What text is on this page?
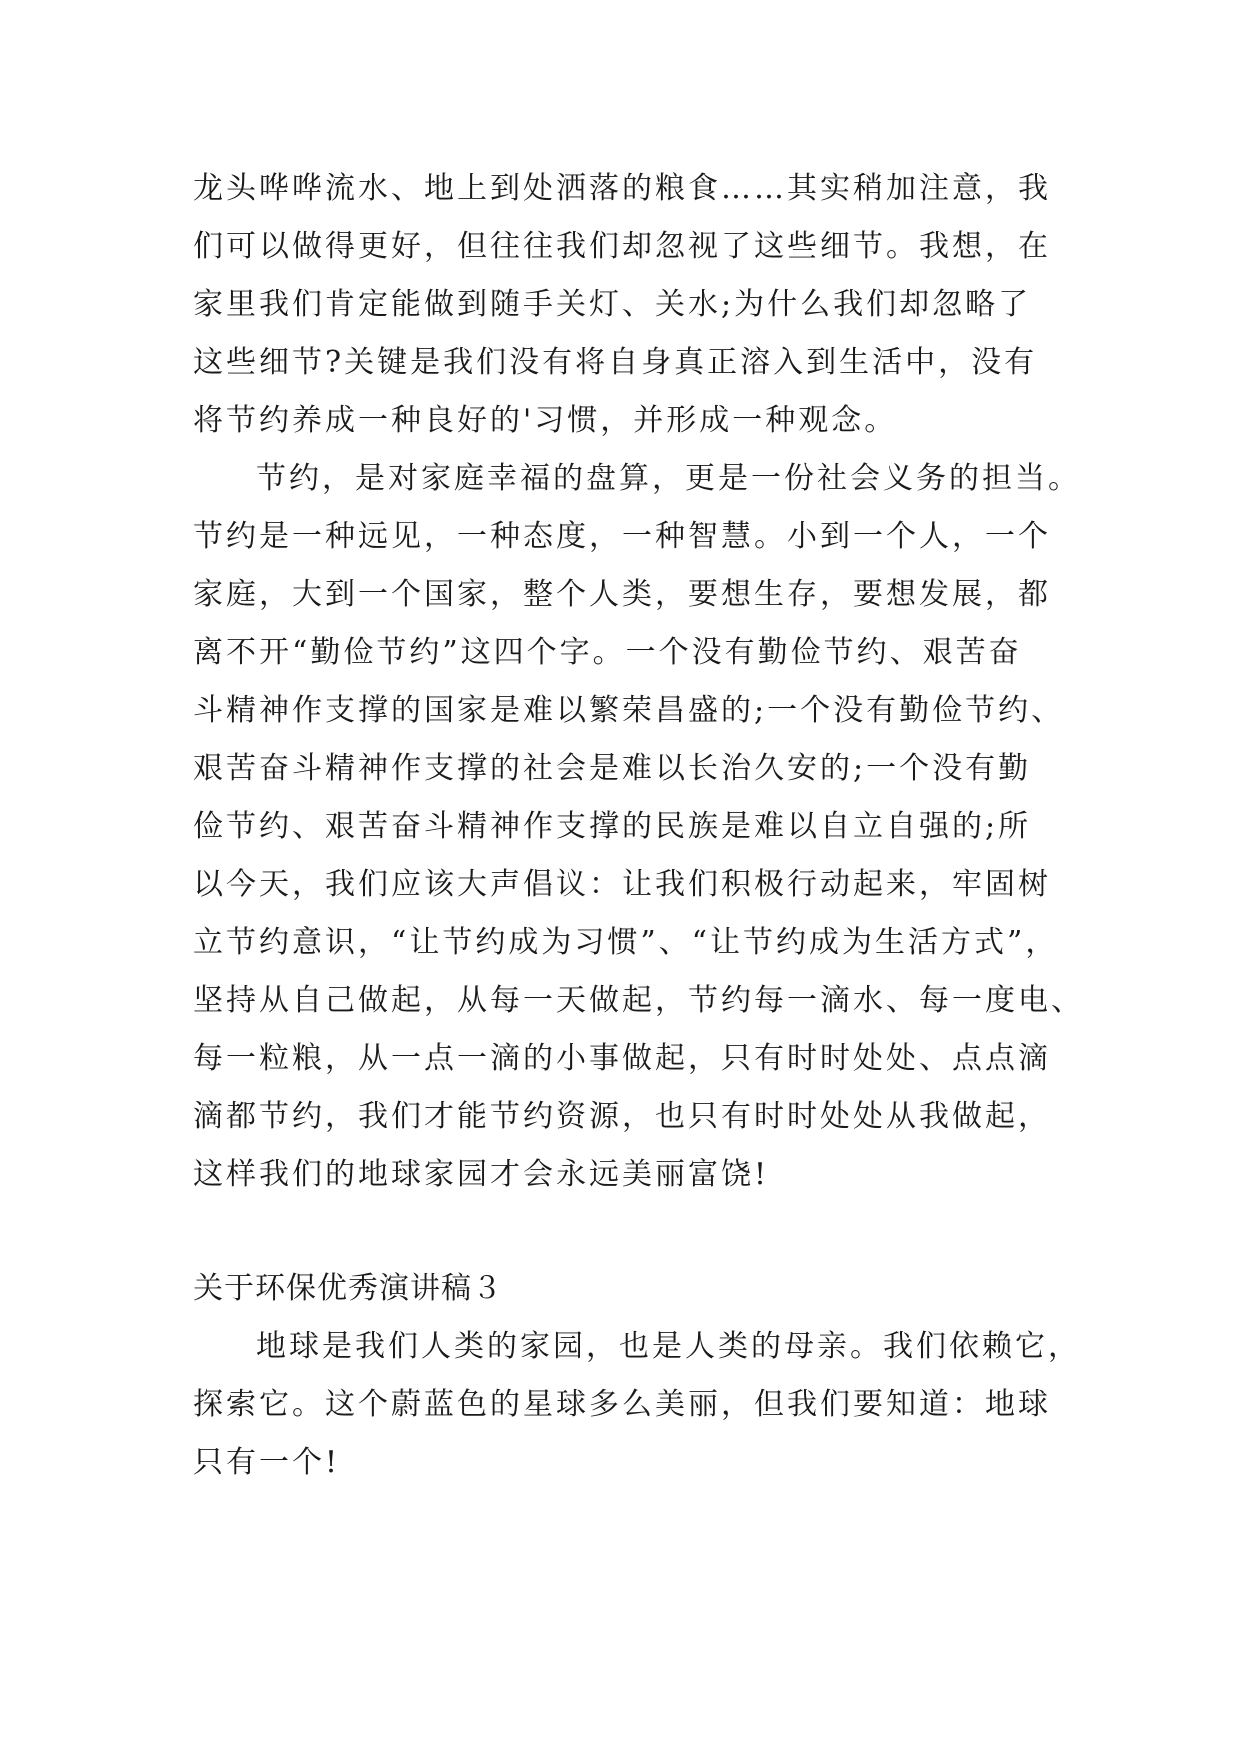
龙头哗哗流水、地上到处洒落的粮食……其实稍加注意，我
们可以做得更好，但往往我们却忽视了这些细节。我想，在
家里我们肯定能做到随手关灯、关水;为什么我们却忽略了
这些细节?关键是我们没有将自身真正溶入到生活中，没有
将节约养成一种良好的'习惯，并形成一种观念。
节约，是对家庭幸福的盘算，更是一份社会义务的担当。
节约是一种远见，一种态度，一种智慧。小到一个人，一个
家庭，大到一个国家，整个人类，要想生存，要想发展，都
离不开“勤俭节约”这四个字。一个没有勤俭节约、艰苦奋
斗精神作支撑的国家是难以繁荣昌盛的;一个没有勤俭节约、
艰苦奋斗精神作支撑的社会是难以长治久安的;一个没有勤
俭节约、艰苦奋斗精神作支撑的民族是难以自立自强的;所
以今天，我们应该大声倡议：让我们积极行动起来，牢固树
立节约意识，“让节约成为习惯”、“让节约成为生活方式”，
坚持从自己做起，从每一天做起，节约每一滴水、每一度电、
每一粒粮，从一点一滴的小事做起，只有时时处处、点点滴
滴都节约，我们才能节约资源，也只有时时处处从我做起，
这样我们的地球家园才会永远美丽富饶!
关于环保优秀演讲稿３
地球是我们人类的家园，也是人类的母亲。我们依赖它，
探索它。这个蔚蓝色的星球多么美丽，但我们要知道：地球
只有一个!
